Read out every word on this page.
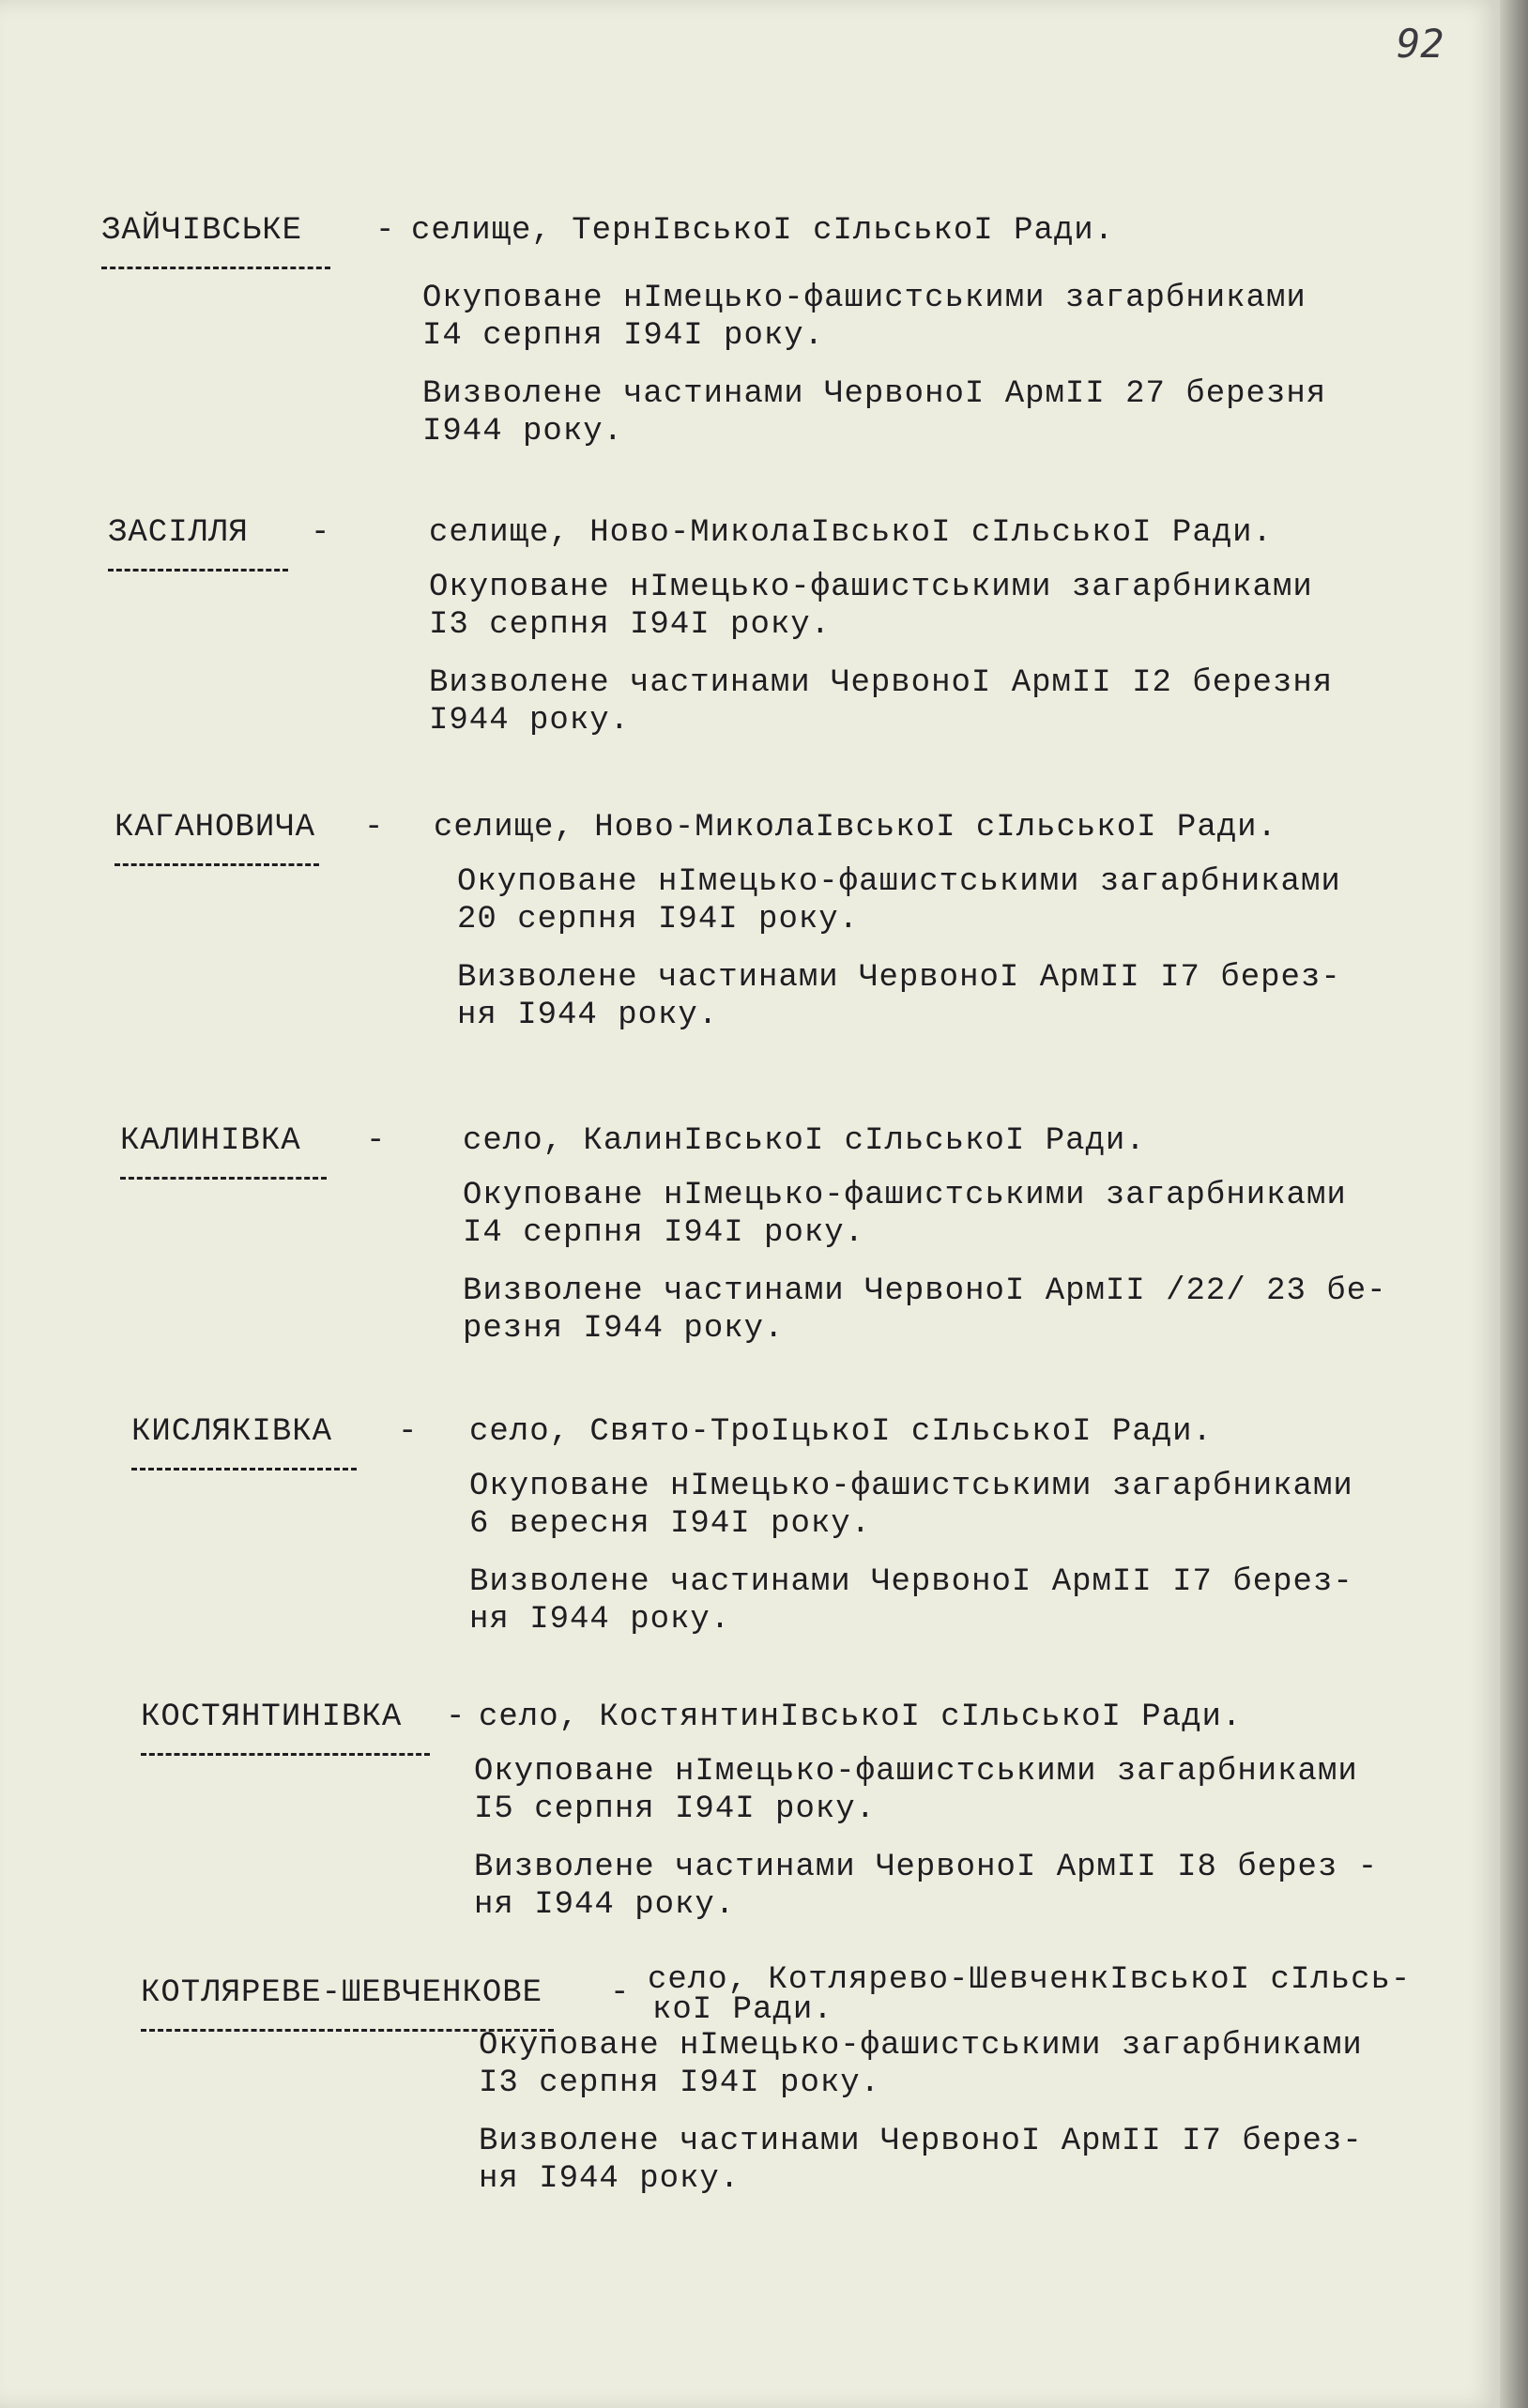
92
ЗАЙЧІВСЬКЕ - селище, ТернІвськоІ сІльськоІ Ради.
Окуповане нІмецько-фашистськими загарбниками
I4 серпня I94I року.
Визволене частинами ЧервоноІ АрмІІ 27 березня
I944 року.
ЗАСІЛЛЯ -	селище, Ново-МиколаІвськоІ сІльськоІ Ради.
Окуповане нІмецько-фашистськими загарбниками
I3 серпня I94I року.
Визволене частинами ЧервоноІ АрмІІ I2 березня
I944 року.
КАГАНОВИЧА - селище, Ново-МиколаІвськоІ сІльськоІ Ради.
Окуповане нІмецько-фашистськими загарбниками
20 серпня I94I року.
Визволене частинами ЧервоноІ АрмІІ I7 берез-
ня I944 року.
КАЛИНІВКА - село, КалинІвськоІ сІльськоІ Ради.
Окуповане нІмецько-фашистськими загарбниками
I4 серпня I94I року.
Визволене частинами ЧервоноІ АрмІІ /22/ 23 бе-
резня I944 року.
КИСЛЯКІВКА - село, Свято-ТроІцькоІ сІльськоІ Ради.
Окуповане нІмецько-фашистськими загарбниками
6 вересня I94I року.
Визволене частинами ЧервоноІ АрмІІ I7 берез-
ня I944 року.
КОСТЯНТИНІВКА - село, КостянтинІвськоІ сІльськоІ Ради.
Окуповане нІмецько-фашистськими загарбниками
I5 серпня I94I року.
Визволене частинами ЧервоноІ АрмІІ I8 берез -
ня I944 року.
КОТЛЯРЕВЕ-ШЕВЧЕНКОВЕ - село, Котлярево-ШевченкІвськоІ сІльсь-
коІ Ради.
Окуповане нІмецько-фашистськими загарбниками
I3 серпня I94I року.
Визволене частинами ЧервоноІ АрмІІ I7 берез-
ня I944 року.
